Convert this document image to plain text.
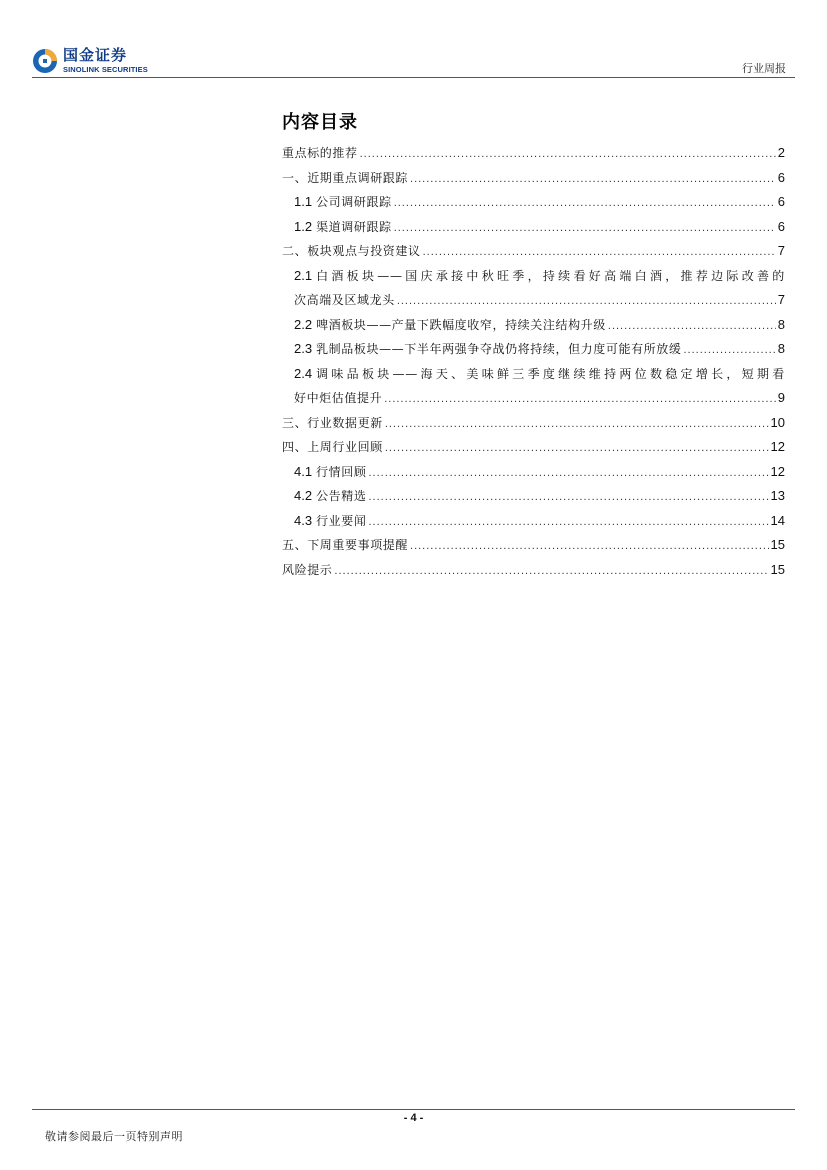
国金证券
SINOLINK SECURITIES	行业周报
内容目录
重点标的推荐 .....	2
一、近期重点调研跟踪 .....	6
1.1 公司调研跟踪 .....	6
1.2 渠道调研跟踪 .....	6
二、板块观点与投资建议 .....	7
2.1 白酒板块——国庆承接中秋旺季，持续看好高端白酒，推荐边际改善的
次高端及区域龙头 .....	7
2.2 啤酒板块——产量下跌幅度收窄，持续关注结构升级 .....	8
2.3 乳制品板块——下半年两强争夺战仍将持续，但力度可能有所放缓 .....	8
2.4 调味品板块——海天、美味鲜三季度继续维持两位数稳定增长，短期看
好中炬估值提升 .....	9
三、行业数据更新 .....	10
四、上周行业回顾 .....	12
4.1 行情回顾 .....	12
4.2 公告精选 .....	13
4.3 行业要闻 .....	14
五、下周重要事项提醒 .....	15
风险提示 .....	15
- 4 -
敬请参阅最后一页特别声明
